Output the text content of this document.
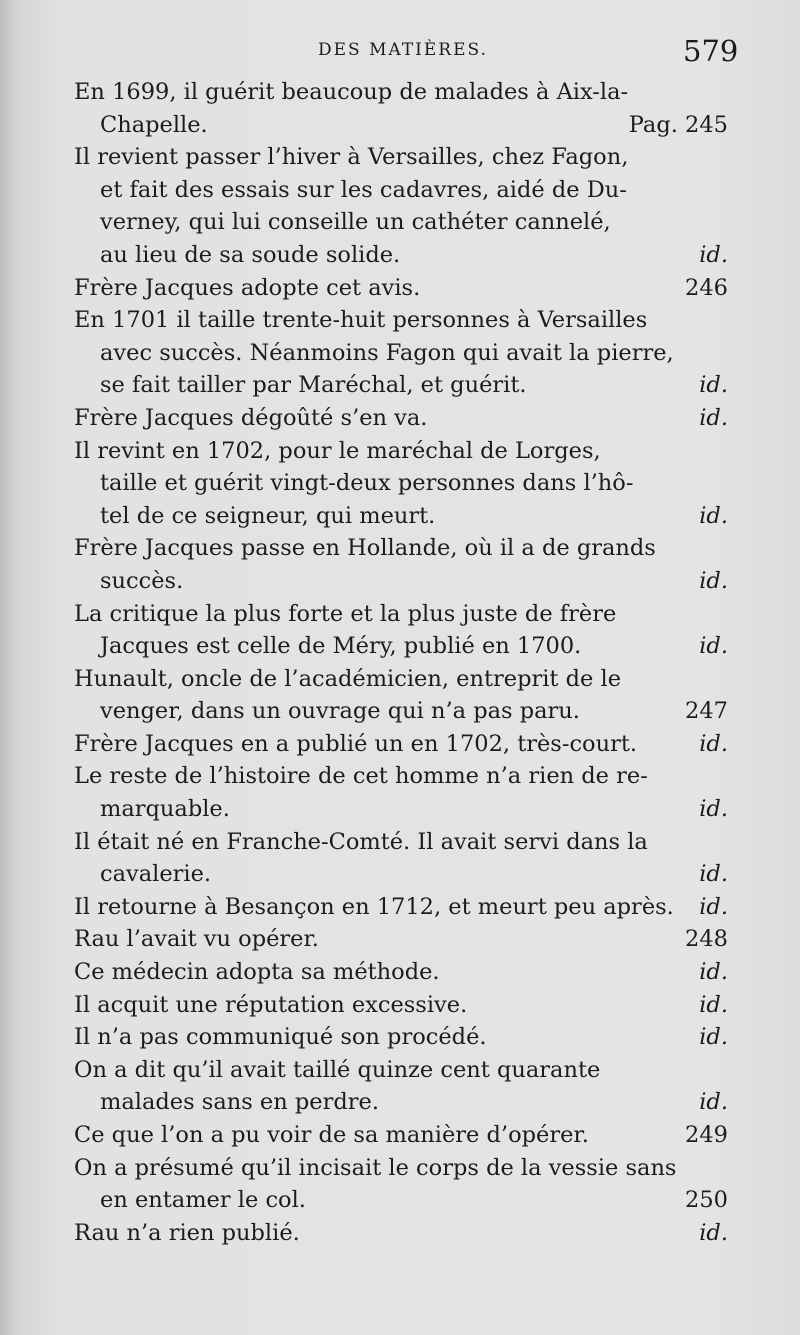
DES MATIÈRES.	579
En 1699, il guérit beaucoup de malades à Aix-la-
Chapelle.	Pag. 245
Il revient passer l’hiver à Versailles, chez Fagon,
et fait des essais sur les cadavres, aidé de Du-
verney, qui lui conseille un cathéter cannelé,
au lieu de sa soude solide.	id.
Frère Jacques adopte cet avis.	246
En 1701 il taille trente-huit personnes à Versailles
avec succès. Néanmoins Fagon qui avait la pierre,
se fait tailler par Maréchal, et guérit.	id.
Frère Jacques dégoûté s’en va.	id.
Il revint en 1702, pour le maréchal de Lorges,
taille et guérit vingt-deux personnes dans l’hô-
tel de ce seigneur, qui meurt.	id.
Frère Jacques passe en Hollande, où il a de grands
succès.	id.
La critique la plus forte et la plus juste de frère
Jacques est celle de Méry, publié en 1700.	id.
Hunault, oncle de l’académicien, entreprit de le
venger, dans un ouvrage qui n’a pas paru.	247
Frère Jacques en a publié un en 1702, très-court.	id.
Le reste de l’histoire de cet homme n’a rien de re-
marquable.	id.
Il était né en Franche-Comté. Il avait servi dans la
cavalerie.	id.
Il retourne à Besançon en 1712, et meurt peu après. id.
Rau l’avait vu opérer.	248
Ce médecin adopta sa méthode.	id.
Il acquit une réputation excessive.	id.
Il n’a pas communiqué son procédé.	id.
On a dit qu’il avait taillé quinze cent quarante
malades sans en perdre.	id.
Ce que l’on a pu voir de sa manière d’opérer.	249
On a présumé qu’il incisait le corps de la vessie sans
en entamer le col.	250
Rau n’a rien publié.	id.
